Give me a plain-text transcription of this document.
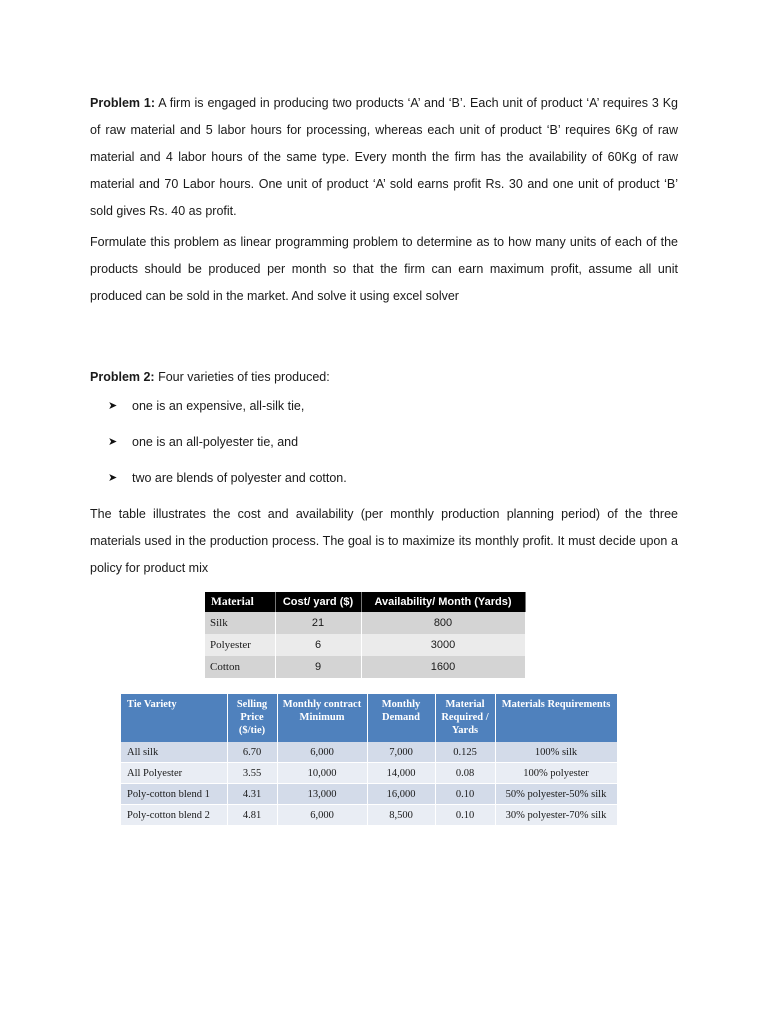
Problem 1: A firm is engaged in producing two products ‘A’ and ‘B’. Each unit of product ‘A’ requires 3 Kg of raw material and 5 labor hours for processing, whereas each unit of product ‘B’ requires 6Kg of raw material and 4 labor hours of the same type. Every month the firm has the availability of 60Kg of raw material and 70 Labor hours. One unit of product ‘A’ sold earns profit Rs. 30 and one unit of product ‘B’ sold gives Rs. 40 as profit.

Formulate this problem as linear programming problem to determine as to how many units of each of the products should be produced per month so that the firm can earn maximum profit, assume all unit produced can be sold in the market. And solve it using excel solver

Problem 2: Four varieties of ties produced:

➤	one is an expensive, all-silk tie,
➤	one is an all-polyester tie, and
➤	two are blends of polyester and cotton.

The table illustrates the cost and availability (per monthly production planning period) of the three materials used in the production process. The goal is to maximize its monthly profit. It must decide upon a policy for product mix

Material	Cost/ yard ($)	Availability/ Month (Yards)
Silk	21	800
Polyester	6	3000
Cotton	9	1600
Tie Variety	Selling Price ($/tie)	Monthly contract Minimum	Monthly Demand	Material Required / Yards	Materials Requirements
All silk	6.70	6,000	7,000	0.125	100% silk
All Polyester	3.55	10,000	14,000	0.08	100% polyester
Poly-cotton blend 1	4.31	13,000	16,000	0.10	50% polyester-50% silk
Poly-cotton blend 2	4.81	6,000	8,500	0.10	30% polyester-70% silk
